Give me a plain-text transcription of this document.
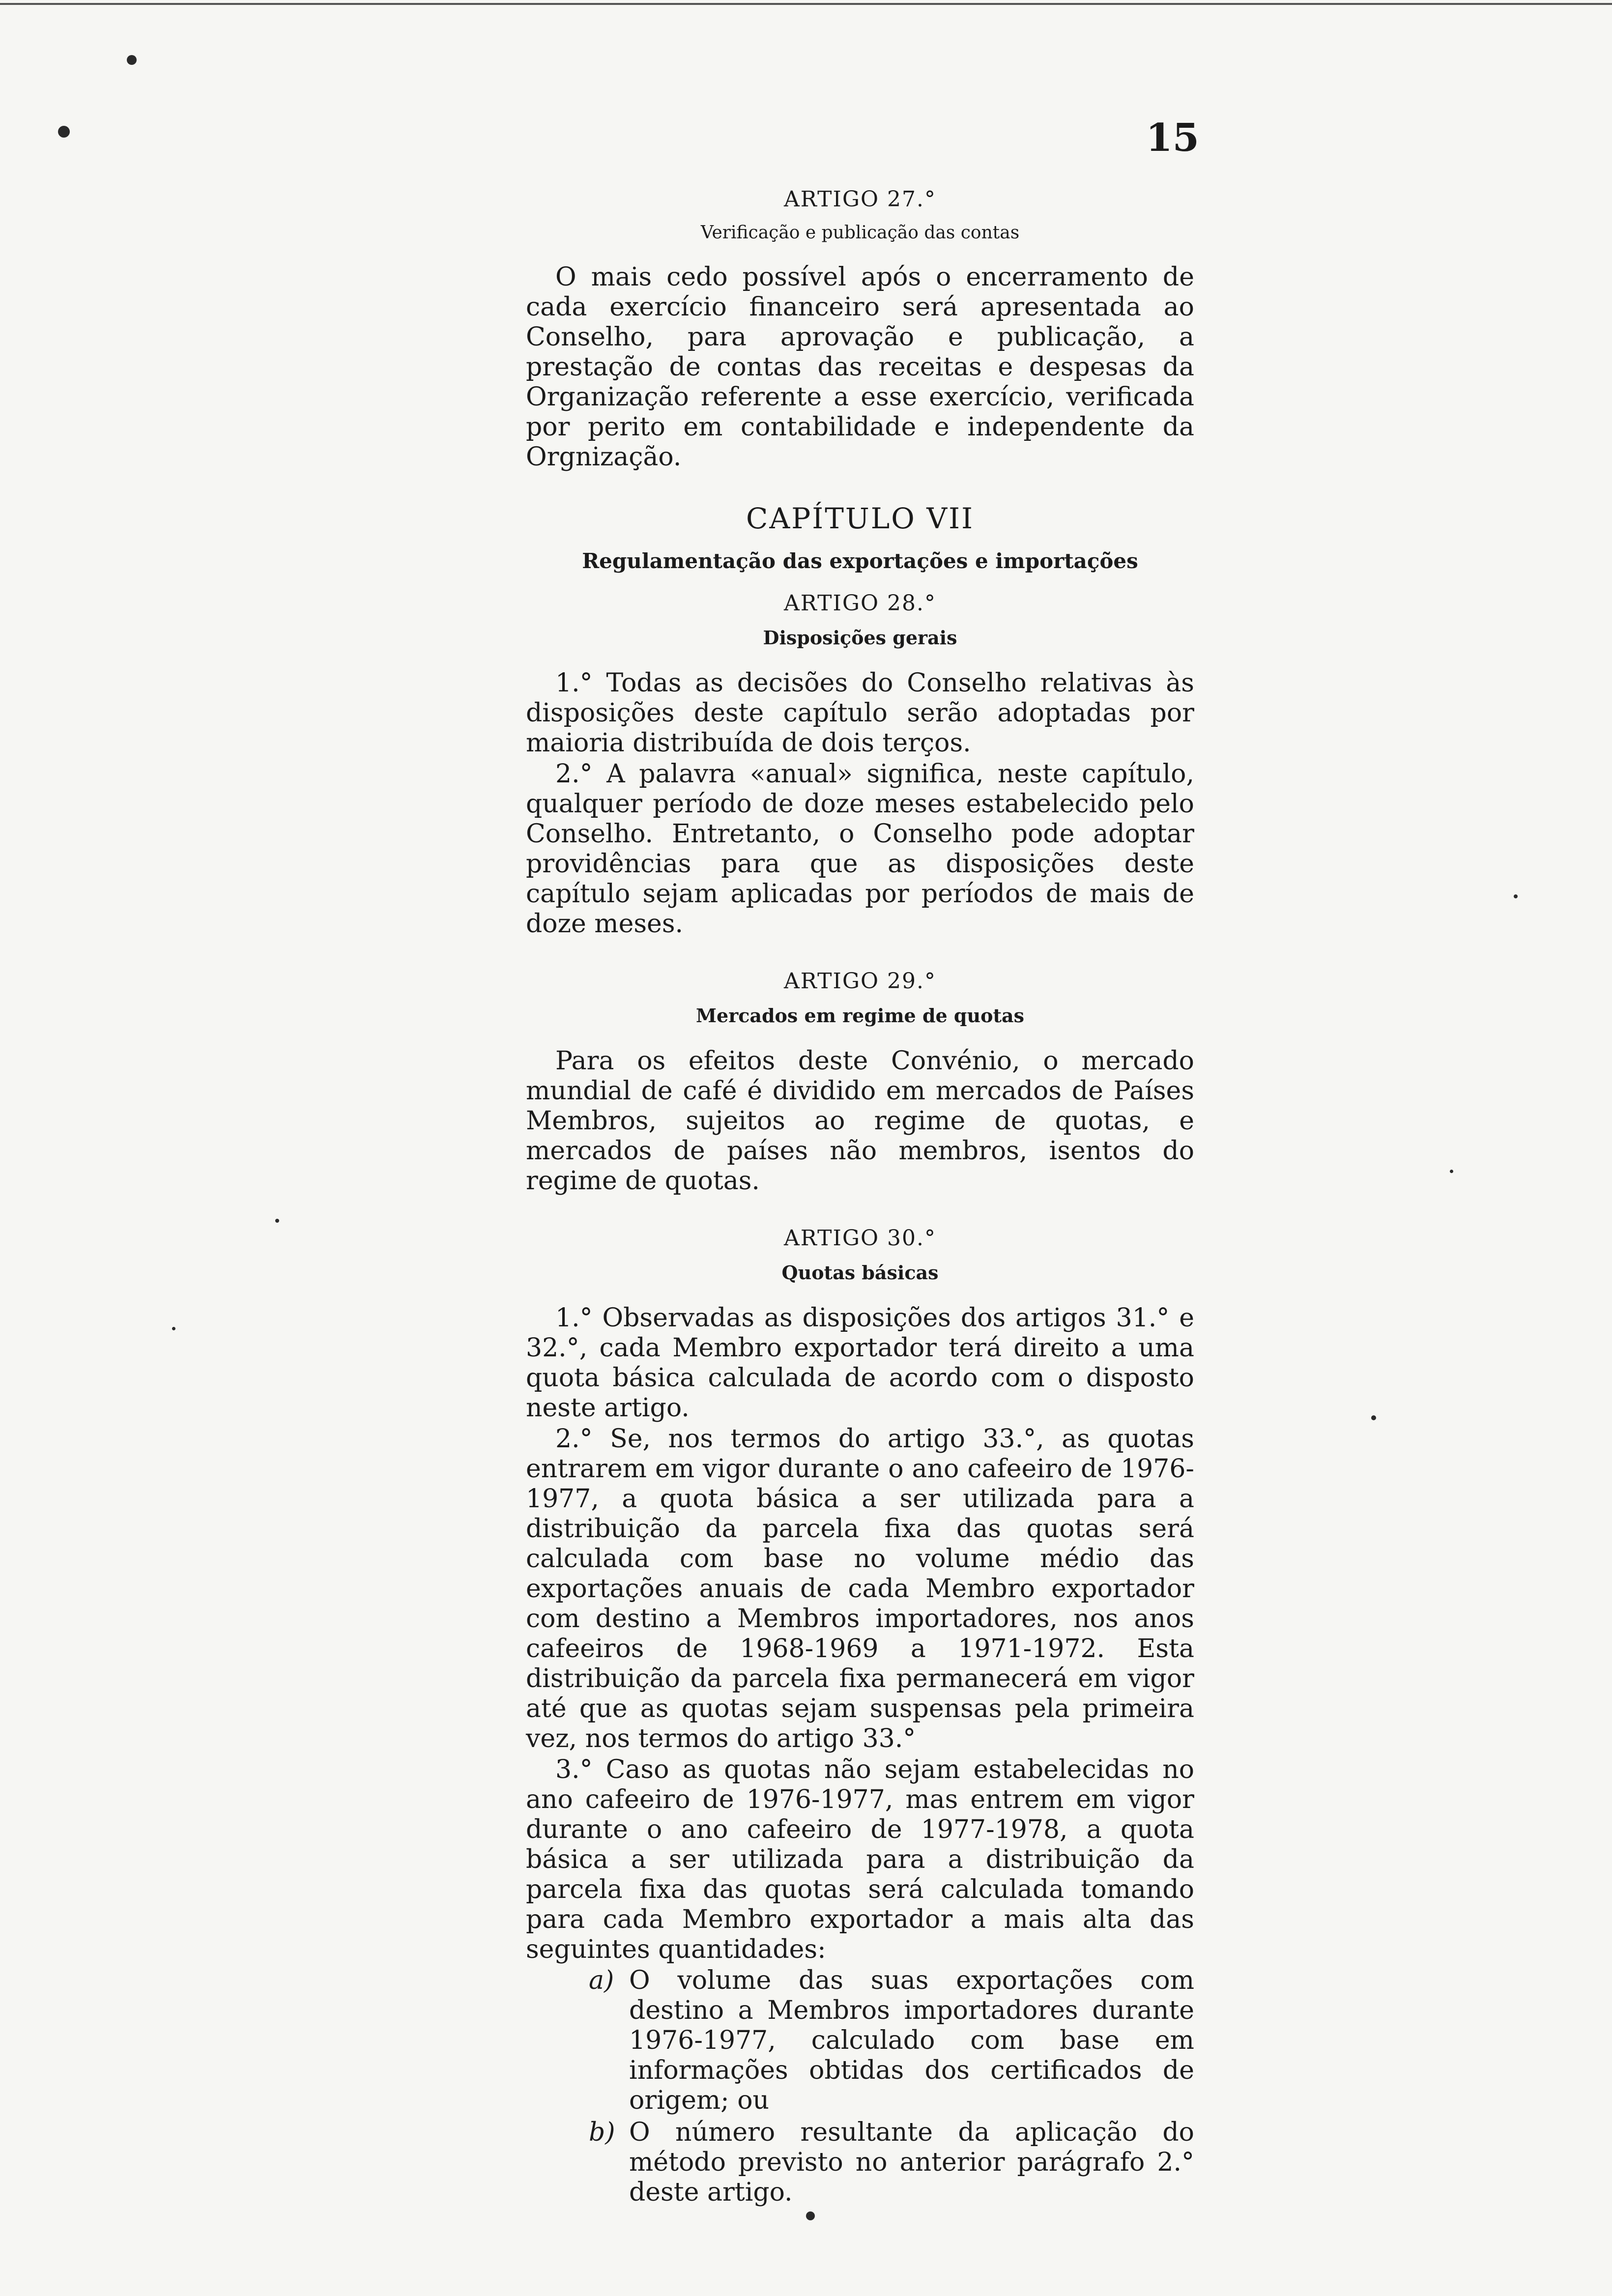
15
ARTIGO 27.°
Verificação e publicação das contas

O mais cedo possível após o encerramento de cada exercício financeiro será apresentada ao Conselho, para aprovação e publicação, a prestação de contas das receitas e despesas da Organização referente a esse exercício, verificada por perito em contabilidade e independente da Orgnização.

CAPÍTULO VII
Regulamentação das exportações e importações
ARTIGO 28.°
Disposições gerais

1.° Todas as decisões do Conselho relativas às disposições deste capítulo serão adoptadas por maioria distribuída de dois terços.

2.° A palavra «anual» significa, neste capítulo, qualquer período de doze meses estabelecido pelo Conselho. Entretanto, o Conselho pode adoptar providências para que as disposições deste capítulo sejam aplicadas por períodos de mais de doze meses.

ARTIGO 29.°
Mercados em regime de quotas

Para os efeitos deste Convénio, o mercado mundial de café é dividido em mercados de Países Membros, sujeitos ao regime de quotas, e mercados de países não membros, isentos do regime de quotas.

ARTIGO 30.°
Quotas básicas

1.° Observadas as disposições dos artigos 31.° e 32.°, cada Membro exportador terá direito a uma quota básica calculada de acordo com o disposto neste artigo.

2.° Se, nos termos do artigo 33.°, as quotas entrarem em vigor durante o ano cafeeiro de 1976-1977, a quota básica a ser utilizada para a distribuição da parcela fixa das quotas será calculada com base no volume médio das exportações anuais de cada Membro exportador com destino a Membros importadores, nos anos cafeeiros de 1968-1969 a 1971-1972. Esta distribuição da parcela fixa permanecerá em vigor até que as quotas sejam suspensas pela primeira vez, nos termos do artigo 33.°

3.° Caso as quotas não sejam estabelecidas no ano cafeeiro de 1976-1977, mas entrem em vigor durante o ano cafeeiro de 1977-1978, a quota básica a ser utilizada para a distribuição da parcela fixa das quotas será calculada tomando para cada Membro exportador a mais alta das seguintes quantidades:

a) O volume das suas exportações com destino a Membros importadores durante 1976-1977, calculado com base em informações obtidas dos certificados de origem; ou
b) O número resultante da aplicação do método previsto no anterior parágrafo 2.° deste artigo.
